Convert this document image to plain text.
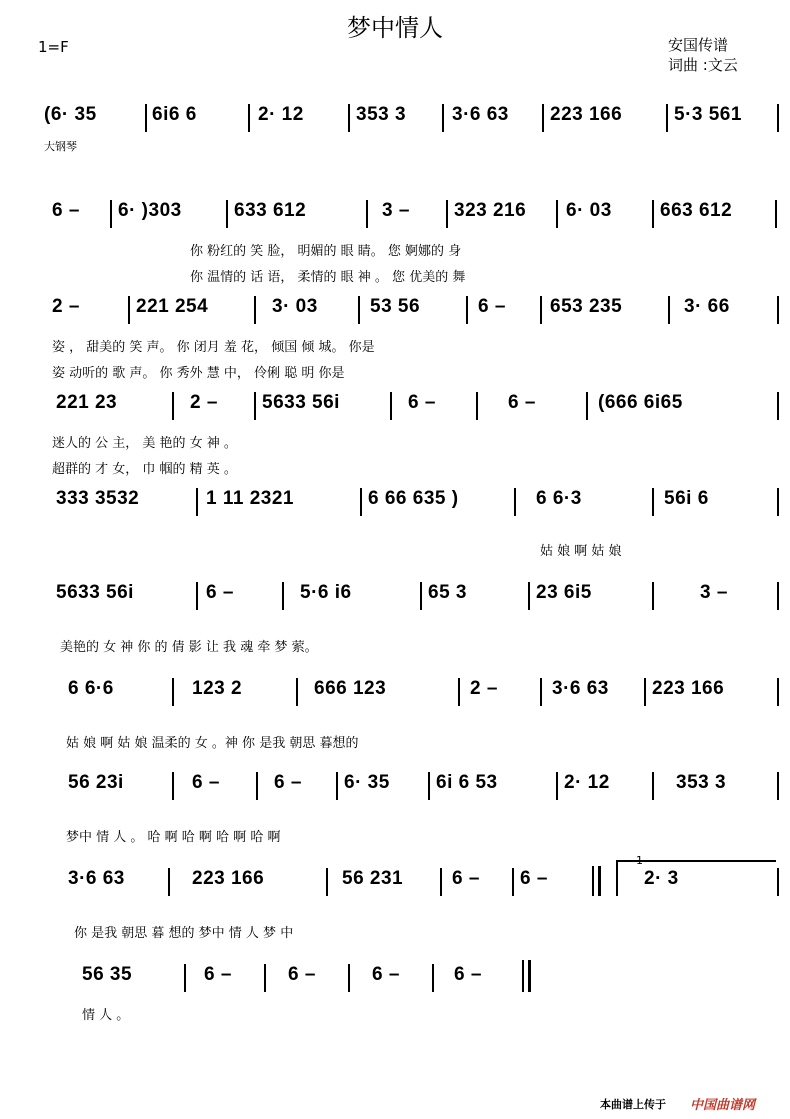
梦中情人
1=F	安国传谱
词曲 :文云
(6· 35	6i6 6	2· 12	353 3 3·6 63 223 166	5·3 561
大钢琴
6 – 6· )303	633 612	3 – 323 216 6· 03	663 612
你 粉红的 笑 脸， 明媚的 眼 睛。 您 婀娜的 身
你 温情的 话 语， 柔情的 眼 神 。 您 优美的 舞
2 –	221 254	3· 03	53 56	6 – 653 235	3· 66
姿 ， 甜美的 笑 声。 你 闭月 羞 花， 倾国 倾 城。 你是
姿 动听的 歌 声。 你 秀外 慧 中， 伶俐 聪 明 你是
221 23	2 – 5633 56i	6 –	6 –	(666 6i65
迷人的 公 主， 美 艳的 女 神 。
超群的 才 女， 巾 帼的 精 英 。
333 3532	1 11 2321	6 66 635 )	6 6·3	56i 6
姑 娘 啊 姑 娘
5633 56i	6 –	5·6 i6	65 3	23 6i5	3 –
美艳的 女 神 你 的 倩 影 让 我 魂 牵 梦 萦。
6 6·6	123 2	666 123	2 –	3·6 63 223 166
姑 娘 啊 姑 娘 温柔的 女 。神 你 是我 朝思 暮想的
56 23i	6 –	6 – 6· 35 6i 6 53	2· 12	353 3
梦中 情 人 。 哈 啊 哈 啊 哈 啊 哈 啊
3·6 63	223 166	56 231	6 – 6 –
1
2· 3
你 是我 朝思 暮 想的 梦中 情 人 梦 中
56 35	6 –	6 –	6 –	6 –
情 人 。
本曲谱上传于 中国曲谱网
